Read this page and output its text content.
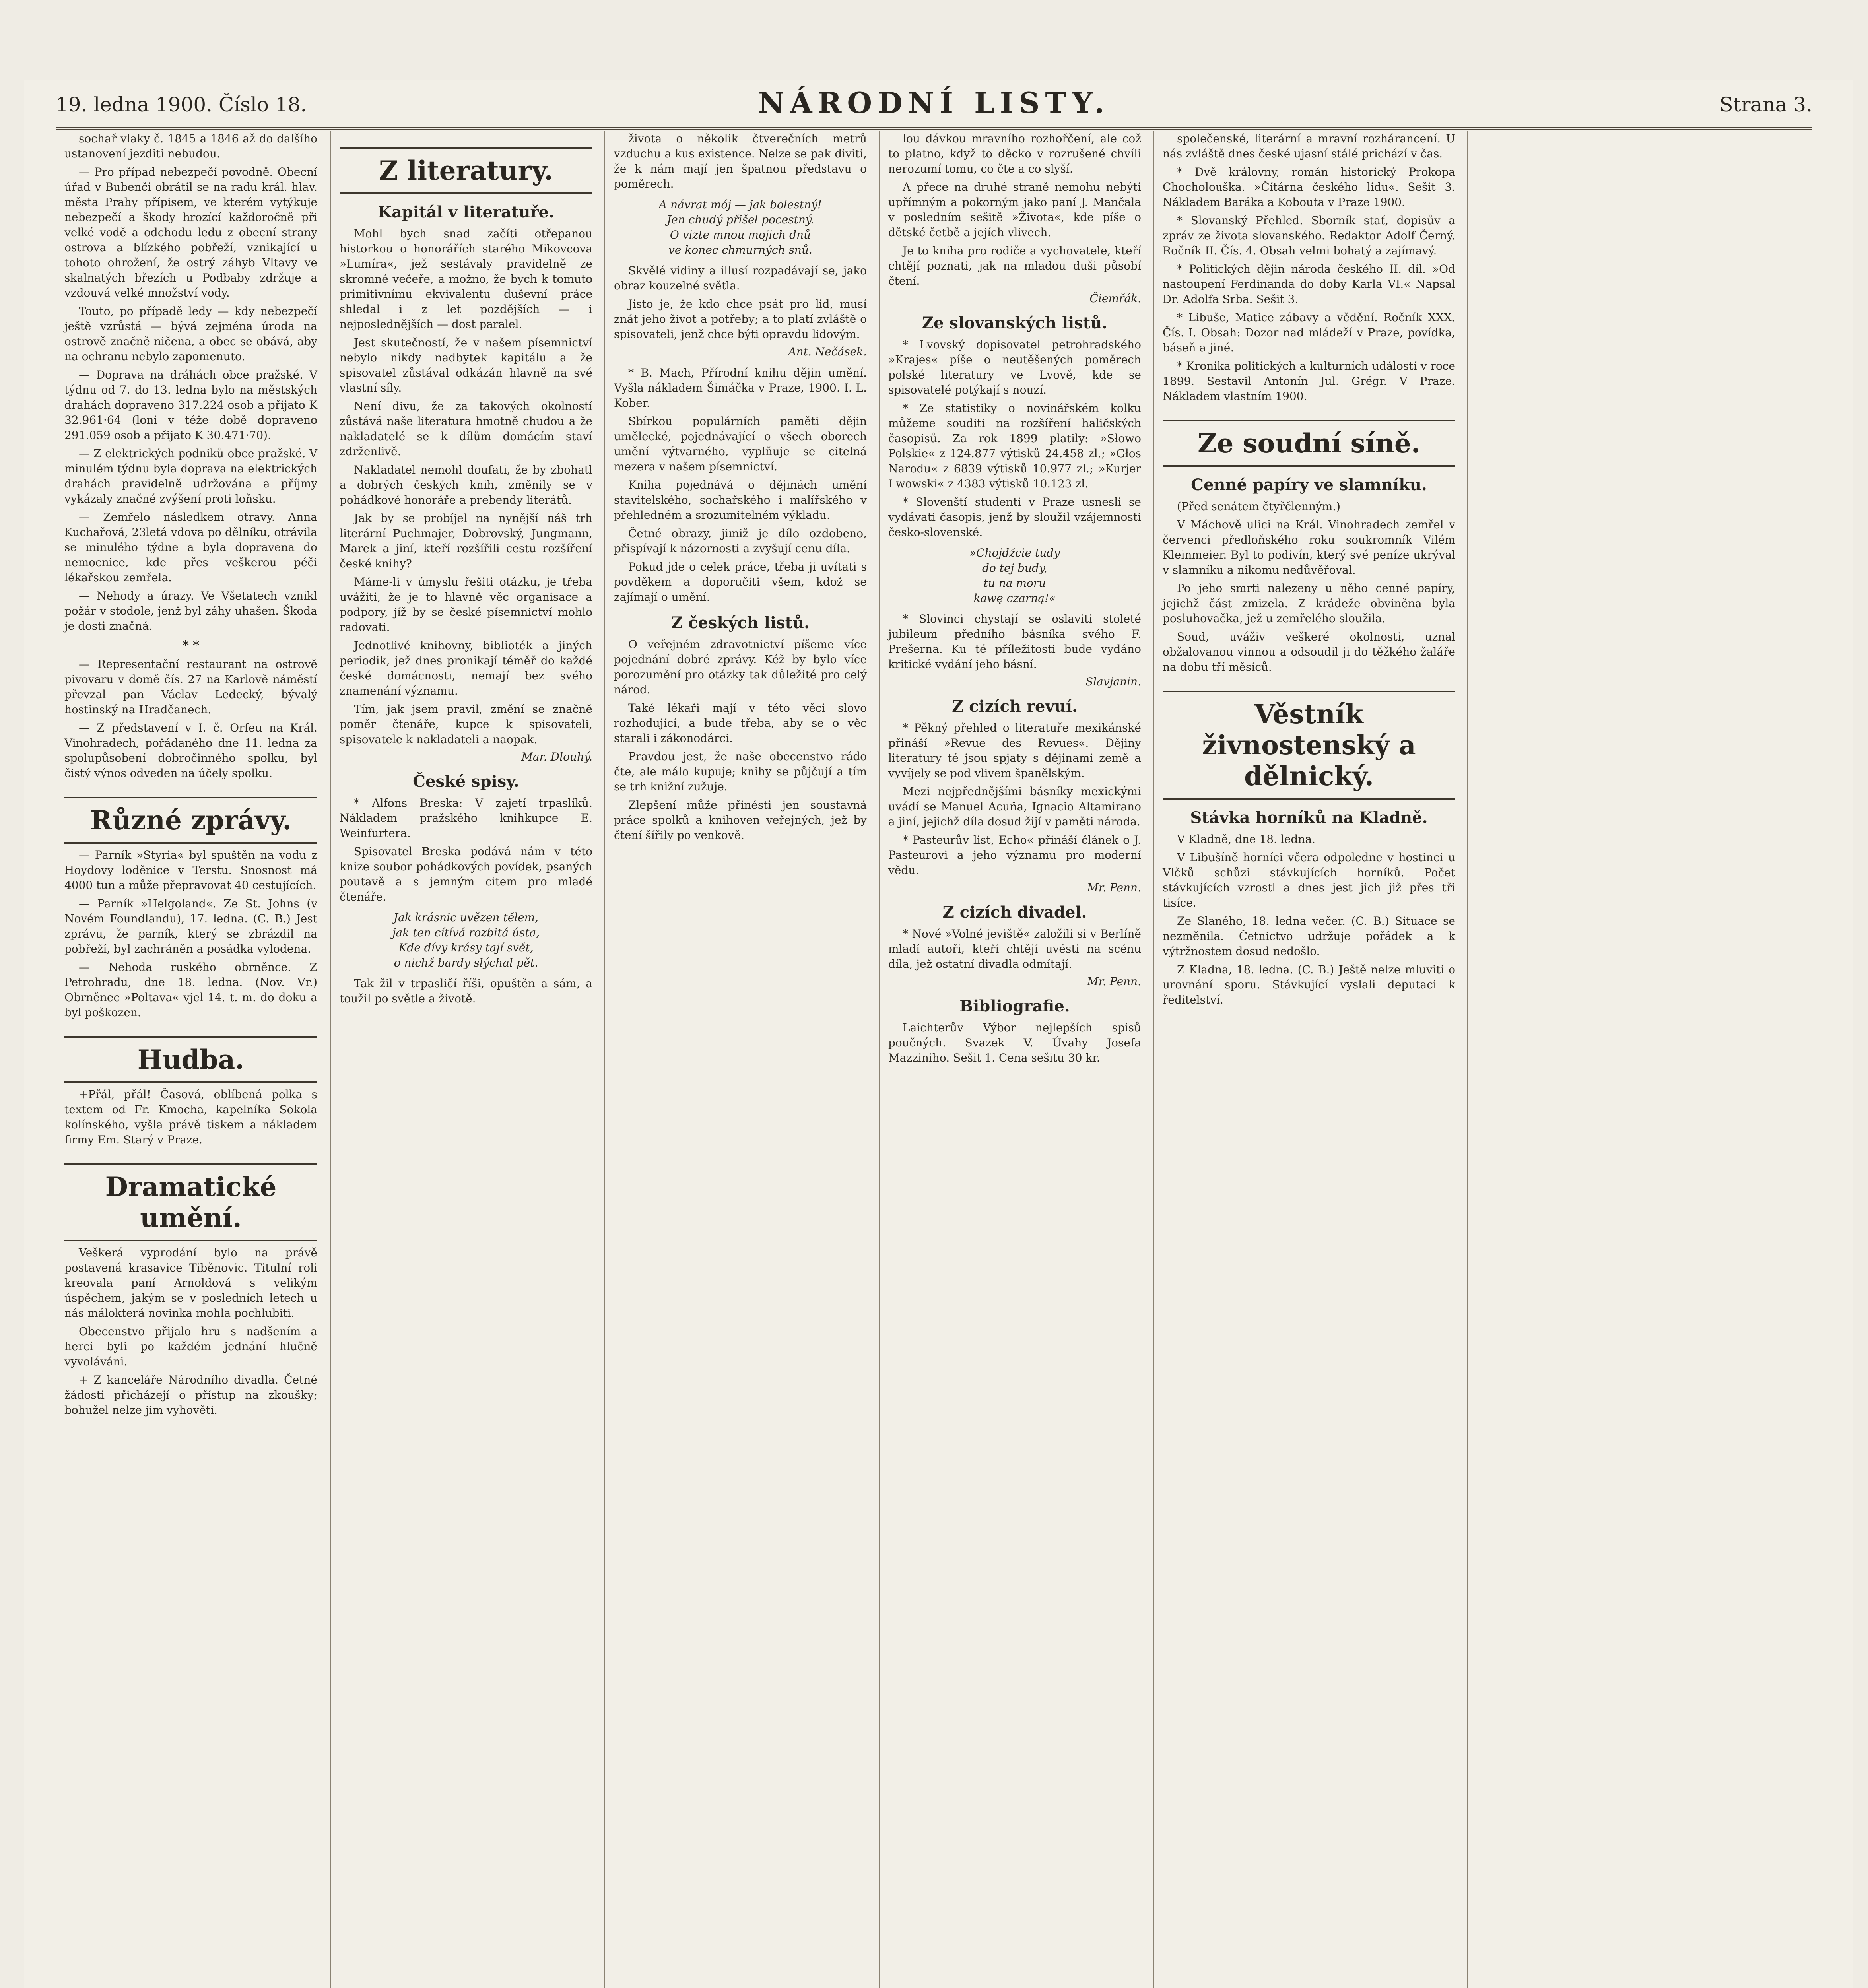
19. ledna 1900. Číslo 18.	NÁRODNÍ LISTY.	Strana 3.
sochař vlaky č. 1845 a 1846 až do dalšího ustanovení jezditi nebudou.
— Pro případ nebezpečí povodně. Obecní úřad v Bubenči obrátil se na radu král. hlav. města Prahy přípisem, ve kterém vytýkuje nebezpečí a škody hrozící každoročně při velké vodě a odchodu ledu z obecní strany ostrova a blízkého pobřeží, vznikající u tohoto ohrožení, že ostrý záhyb Vltavy ve skalnatých březích u Podbaby zdržuje a vzdouvá velké množství vody.
Touto, po případě ledy — kdy nebezpečí ještě vzrůstá — bývá zejména úroda na ostrově značně ničena, a obec se obává, aby na ochranu nebylo zapomenuto.
— Doprava na dráhách obce pražské. V týdnu od 7. do 13. ledna bylo na městských drahách dopraveno 317.224 osob a přijato K 32.961·64 (loni v téže době dopraveno 291.059 osob a přijato K 30.471·70).
— Z elektrických podniků obce pražské. V minulém týdnu byla doprava na elektrických drahách pravidelně udržována a příjmy vykázaly značné zvýšení proti loňsku.
— Zemřelo následkem otravy. Anna Kuchařová, 23letá vdova po dělníku, otrávila se minulého týdne a byla dopravena do nemocnice, kde přes veškerou péči lékařskou zemřela.
— Nehody a úrazy. Ve Všetatech vznikl požár v stodole, jenž byl záhy uhašen. Škoda je dosti značná.
* *
— Representační restaurant na ostrově pivovaru v domě čís. 27 na Karlově náměstí převzal pan Václav Ledecký, bývalý hostinský na Hradčanech.
— Z představení v I. č. Orfeu na Král. Vinohradech, pořádaného dne 11. ledna za spolupůsobení dobročinného spolku, byl čistý výnos odveden na účely spolku.
Různé zprávy.
— Parník »Styria« byl spuštěn na vodu z Hoydovy loděnice v Terstu. Snosnost má 4000 tun a může přepravovat 40 cestujících.
— Parník »Helgoland«. Ze St. Johns (v Novém Foundlandu), 17. ledna. (C. B.) Jest zprávu, že parník, který se zbrázdil na pobřeží, byl zachráněn a posádka vylodena.
— Nehoda ruského obrněnce. Z Petrohradu, dne 18. ledna. (Nov. Vr.) Obrněnec »Poltava« vjel 14. t. m. do doku a byl poškozen.
Hudba.
+Přál, přál! Časová, oblíbená polka s textem od Fr. Kmocha, kapelníka Sokola kolínského, vyšla právě tiskem a nákladem firmy Em. Starý v Praze.
Dramatické umění.
Veškerá vyprodání bylo na právě postavená krasavice Tiběnovic. Titulní roli kreovala paní Arnoldová s velikým úspěchem, jakým se v posledních letech u nás málokterá novinka mohla pochlubiti.
Obecenstvo přijalo hru s nadšením a herci byli po každém jednání hlučně vyvoláváni.
+ Z kanceláře Národního divadla. Četné žádosti přicházejí o přístup na zkoušky; bohužel nelze jim vyhověti.
Z literatury.
Kapitál v literatuře.
Mohl bych snad začíti otřepanou historkou o honorářích starého Mikovcova »Lumíra«, jež sestávaly pravidelně ze skromné večeře, a možno, že bych k tomuto primitivnímu ekvivalentu duševní práce shledal i z let pozdějších — i nejposlednějších — dost paralel.
Jest skutečností, že v našem písemnictví nebylo nikdy nadbytek kapitálu a že spisovatel zůstával odkázán hlavně na své vlastní síly.
Není divu, že za takových okolností zůstává naše literatura hmotně chudou a že nakladatelé se k dílům domácím staví zdrženlivě.
Nakladatel nemohl doufati, že by zbohatl a dobrých českých knih, změnily se v pohádkové honoráře a prebendy literátů.
Jak by se probíjel na nynější náš trh literární Puchmajer, Dobrovský, Jungmann, Marek a jiní, kteří rozšířili cestu rozšíření české knihy?
Máme-li v úmyslu řešiti otázku, je třeba uvážiti, že je to hlavně věc organisace a podpory, jíž by se české písemnictví mohlo radovati.
Jednotlivé knihovny, biblioték a jiných periodik, jež dnes pronikají téměř do každé české domácnosti, nemají bez svého znamenání významu.
Tím, jak jsem pravil, změní se značně poměr čtenáře, kupce k spisovateli, spisovatele k nakladateli a naopak.
Mar. Dlouhý.
České spisy.
* Alfons Breska: V zajetí trpaslíků. Nákladem pražského knihkupce E. Weinfurtera.
Spisovatel Breska podává nám v této knize soubor pohádkových povídek, psaných poutavě a s jemným citem pro mladé čtenáře.
Jak krásnic uvězen tělem,
jak ten cítívá rozbitá ústa,
Kde dívy krásy tají svět,
o nichž bardy slýchal pět.
Tak žil v trpasličí říši, opuštěn a sám, a toužil po světle a životě.
života o několik čtverečních metrů vzduchu a kus existence. Nelze se pak diviti, že k nám mají jen špatnou představu o poměrech.
A návrat mój — jak bolestný!
Jen chudý přišel pocestný.
O vizte mnou mojich dnů
ve konec chmurných snů.
Skvělé vidiny a illusí rozpadávají se, jako obraz kouzelné světla.
Jisto je, že kdo chce psát pro lid, musí znát jeho život a potřeby; a to platí zvláště o spisovateli, jenž chce býti opravdu lidovým.
Ant. Nečásek.
* B. Mach, Přírodní knihu dějin umění. Vyšla nákladem Šimáčka v Praze, 1900. I. L. Kober.
Sbírkou populárních paměti dějin umělecké, pojednávající o všech oborech umění výtvarného, vyplňuje se citelná mezera v našem písemnictví.
Kniha pojednává o dějinách umění stavitelského, sochařského i malířského v přehledném a srozumitelném výkladu.
Četné obrazy, jimiž je dílo ozdobeno, přispívají k názornosti a zvyšují cenu díla.
Pokud jde o celek práce, třeba ji uvítati s povděkem a doporučiti všem, kdož se zajímají o umění.
Z českých listů.
O veřejném zdravotnictví píšeme více pojednání dobré zprávy. Kéž by bylo více porozumění pro otázky tak důležité pro celý národ.
Také lékaři mají v této věci slovo rozhodující, a bude třeba, aby se o věc starali i zákonodárci.
Pravdou jest, že naše obecenstvo rádo čte, ale málo kupuje; knihy se půjčují a tím se trh knižní zužuje.
Zlepšení může přinésti jen soustavná práce spolků a knihoven veřejných, jež by čtení šířily po venkově.
lou dávkou mravního rozhořčení, ale což to platno, když to děcko v rozrušené chvíli nerozumí tomu, co čte a co slyší.
A přece na druhé straně nemohu nebýti upřímným a pokorným jako paní J. Mančala v posledním sešitě »Života«, kde píše o dětské četbě a jejích vlivech.
Je to kniha pro rodiče a vychovatele, kteří chtějí poznati, jak na mladou duši působí čtení.
Čiemřák.
Ze slovanských listů.
* Lvovský dopisovatel petrohradského »Krajes« píše o neutěšených poměrech polské literatury ve Lvově, kde se spisovatelé potýkají s nouzí.
* Ze statistiky o novinářském kolku můžeme souditi na rozšíření haličských časopisů. Za rok 1899 platily: »Słowo Polskie« z 124.877 výtisků 24.458 zl.; »Głos Narodu« z 6839 výtisků 10.977 zl.; »Kurjer Lwowski« z 4383 výtisků 10.123 zl.
* Slovenští studenti v Praze usnesli se vydávati časopis, jenž by sloužil vzájemnosti česko-slovenské.
»Chojdźcie tudy
do tej budy,
tu na moru
kawę czarną!«
* Slovinci chystají se oslaviti stoleté jubileum předního básníka svého F. Prešerna. Ku té příležitosti bude vydáno kritické vydání jeho básní.
Slavjanin.
Z cizích revuí.
* Pěkný přehled o literatuře mexikánské přináší »Revue des Revues«. Dějiny literatury té jsou spjaty s dějinami země a vyvíjely se pod vlivem španělským.
Mezi nejpřednějšími básníky mexickými uvádí se Manuel Acuña, Ignacio Altamirano a jiní, jejichž díla dosud žijí v paměti národa.
* Pasteurův list, Echo« přináší článek o J. Pasteurovi a jeho významu pro moderní vědu.
Mr. Penn.
Z cizích divadel.
* Nové »Volné jeviště« založili si v Berlíně mladí autoři, kteří chtějí uvésti na scénu díla, jež ostatní divadla odmítají.
Mr. Penn.
Bibliografie.
Laichterův Výbor nejlepších spisů poučných. Svazek V. Úvahy Josefa Mazziniho. Sešit 1. Cena sešitu 30 kr.
společenské, literární a mravní rozhárancení. U nás zvláště dnes české ujasní stálé prichází v čas.
* Dvě královny, román historický Prokopa Chocholouška. »Čítárna českého lidu«. Sešit 3. Nákladem Baráka a Kobouta v Praze 1900.
* Slovanský Přehled. Sborník stať, dopisův a zpráv ze života slovanského. Redaktor Adolf Černý. Ročník II. Čís. 4. Obsah velmi bohatý a zajímavý.
* Politických dějin národa českého II. díl. »Od nastoupení Ferdinanda do doby Karla VI.« Napsal Dr. Adolfa Srba. Sešit 3.
* Libuše, Matice zábavy a vědění. Ročník XXX. Čís. I. Obsah: Dozor nad mládeží v Praze, povídka, báseň a jiné.
* Kronika politických a kulturních událostí v roce 1899. Sestavil Antonín Jul. Grégr. V Praze. Nákladem vlastním 1900.
Ze soudní síně.
Cenné papíry ve slamníku.
(Před senátem čtyřčlenným.)
V Máchově ulici na Král. Vinohradech zemřel v červenci předloňského roku soukromník Vilém Kleinmeier. Byl to podivín, který své peníze ukrýval v slamníku a nikomu nedůvěřoval.
Po jeho smrti nalezeny u něho cenné papíry, jejichž část zmizela. Z krádeže obviněna byla posluhovačka, jež u zemřelého sloužila.
Soud, uváživ veškeré okolnosti, uznal obžalovanou vinnou a odsoudil ji do těžkého žaláře na dobu tří měsíců.
Věstník živnostenský a dělnický.
Stávka horníků na Kladně.
V Kladně, dne 18. ledna.
V Libušíně horníci včera odpoledne v hostinci u Vlčků schůzi stávkujících horníků. Počet stávkujících vzrostl a dnes jest jich již přes tři tisíce.
Ze Slaného, 18. ledna večer. (C. B.) Situace se nezměnila. Četnictvo udržuje pořádek a k výtržnostem dosud nedošlo.
Z Kladna, 18. ledna. (C. B.) Ještě nelze mluviti o urovnání sporu. Stávkující vyslali deputaci k ředitelství.
